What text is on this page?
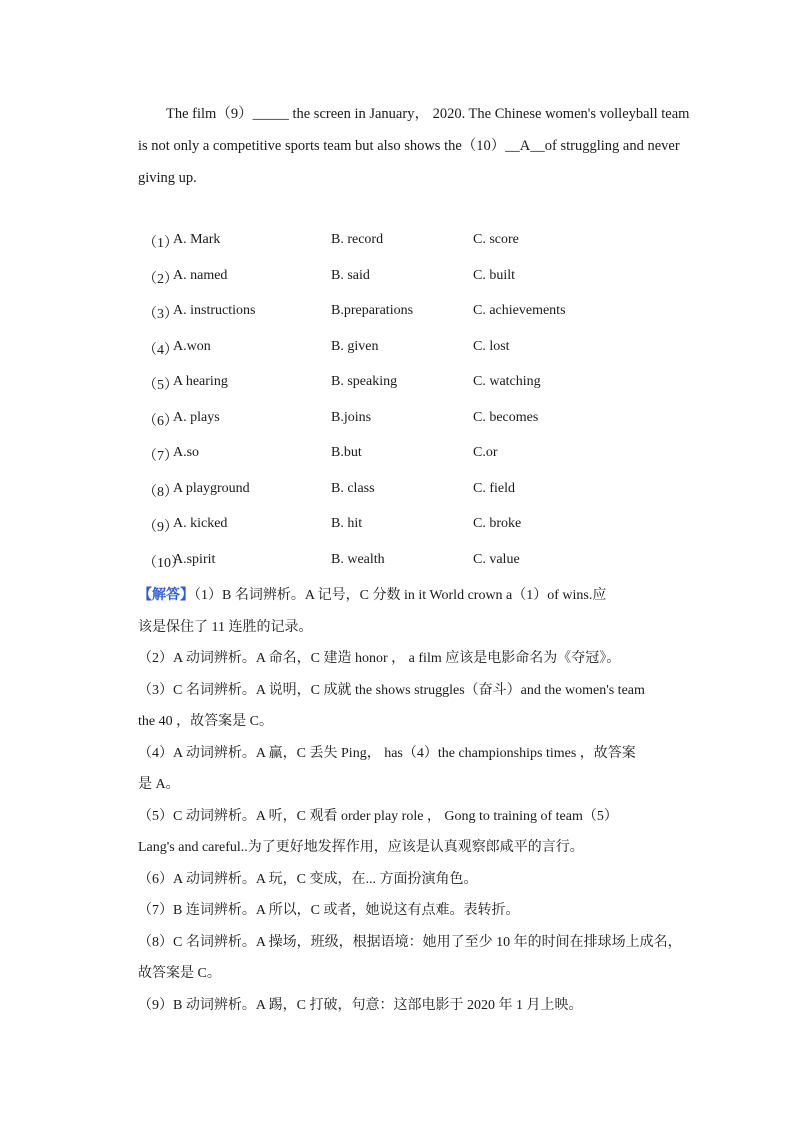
The film（9）_____ the screen in January， 2020. The Chinese women's volleyball team
is not only a competitive sports team but also shows the（10）__A__of struggling and never
giving up.
（1）
A. Mark	B. record	C. score
（2）
A. named	B. said	C. built
（3）
A. instructions	B.preparations	C. achievements
（4）
A.won	B. given	C. lost
（5）
A hearing	B. speaking	C. watching
（6）
A. plays	B.joins	C. becomes
（7）
A.so	B.but	C.or
（8）
A playground	B. class	C. field
（9）
A. kicked	B. hit	C. broke
（10）
A.spirit	B. wealth	C. value
【解答】（1）B 名词辨析。A 记号，C 分数 in it World crown a（1）of wins.应
该是保住了 11 连胜的记录。
（2）A 动词辨析。A 命名，C 建造 honor ， a film 应该是电影命名为《夺冠》。
（3）C 名词辨析。A 说明，C 成就 the shows struggles（奋斗）and the women's team
the 40 ，故答案是 C。
（4）A 动词辨析。A 赢，C 丢失 Ping， has（4）the championships times ，故答案
是 A。
（5）C 动词辨析。A 听，C 观看 order play role ， Gong to training of team（5）
Lang's and careful..为了更好地发挥作用，应该是认真观察郎咸平的言行。
（6）A 动词辨析。A 玩，C 变成，在... 方面扮演角色。
（7）B 连词辨析。A 所以，C 或者，她说这有点难。表转折。
（8）C 名词辨析。A 操场，班级，根据语境：她用了至少 10 年的时间在排球场上成名，
故答案是 C。
（9）B 动词辨析。A 踢，C 打破，句意：这部电影于 2020 年 1 月上映。
